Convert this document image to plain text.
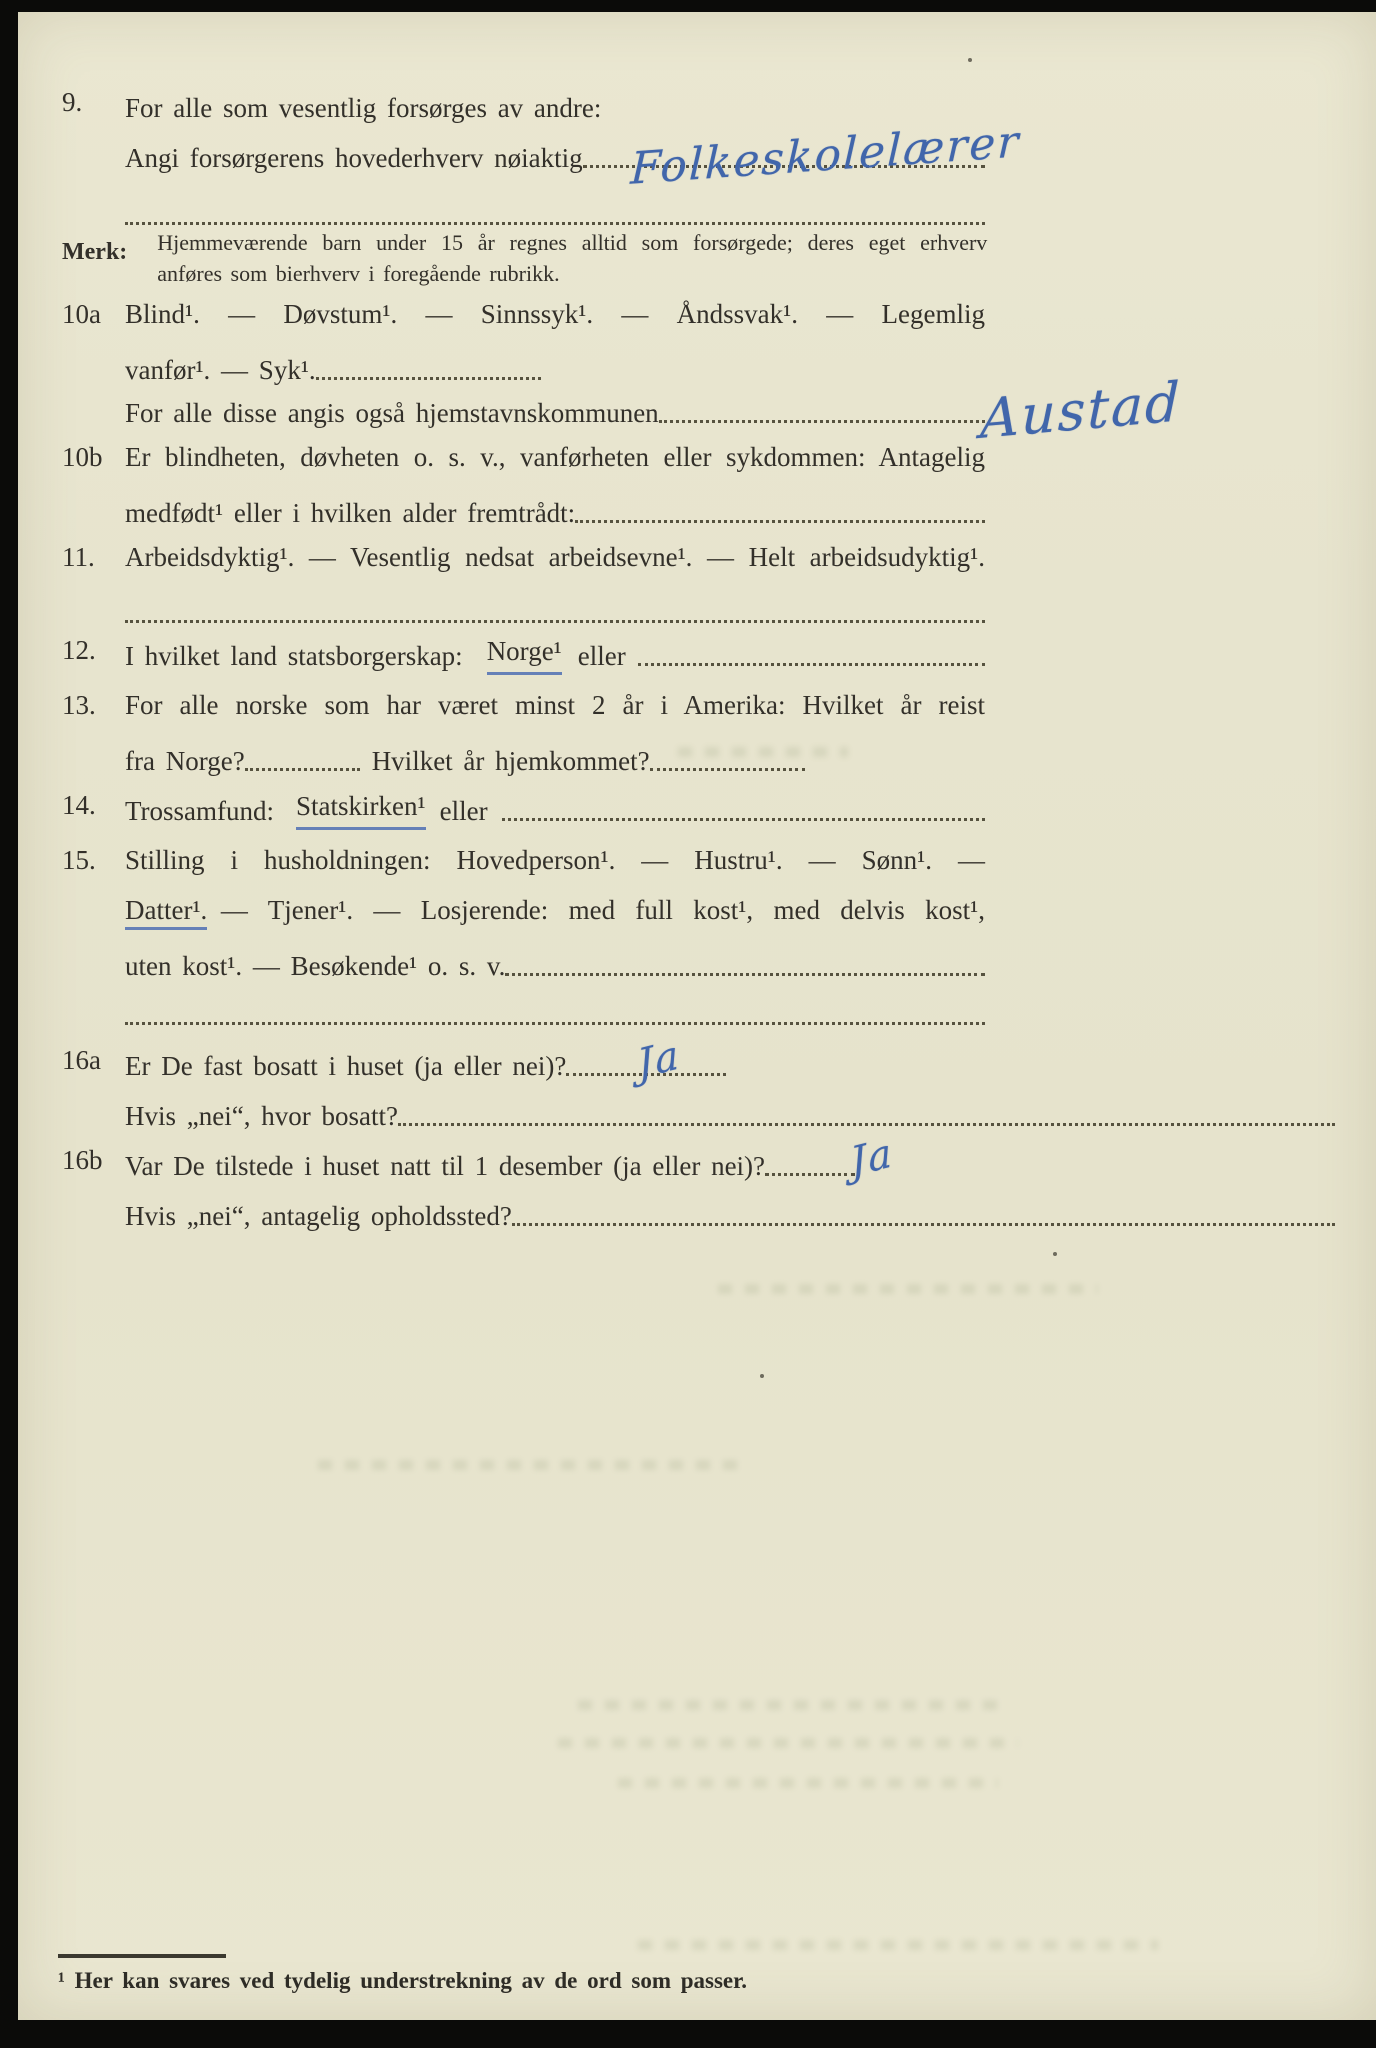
9.	For alle som vesentlig forsørges av andre:
Angi forsørgerens hovederhverv nøiaktig Folkeskolelærer
Merk: Hjemmeværende barn under 15 år regnes alltid som forsørgede; deres eget erhverv
anføres som bierhverv i foregående rubrikk.
10a Blind¹. — Døvstum¹. — Sinnssyk¹. — Åndssvak¹. — Legemlig
vanfør¹. — Syk¹.
For alle disse angis også hjemstavnskommunen	Austad
10b Er blindheten, døvheten o. s. v., vanførheten eller sykdommen: Antagelig
medfødt¹ eller i hvilken alder fremtrådt:
11.	Arbeidsdyktig¹. — Vesentlig nedsat arbeidsevne¹. — Helt arbeidsudyktig¹.
12.	I hvilket land statsborgerskap: Norge¹ eller
13.	For alle norske som har været minst 2 år i Amerika: Hvilket år reist
fra Norge?	Hvilket år hjemkommet?
14.	Trossamfund: Statskirken¹ eller
15.	Stilling i husholdningen: Hovedperson¹. — Hustru¹. — Sønn¹. —
Datter¹. — Tjener¹. — Losjerende: med full kost¹, med delvis kost¹,
uten kost¹. — Besøkende¹ o. s. v.
16a Er De fast bosatt i huset (ja eller nei)? Ja
Hvis „nei“, hvor bosatt?
16b Var De tilstede i huset natt til 1 desember (ja eller nei)? Ja
Hvis „nei“, antagelig opholdssted?
¹ Her kan svares ved tydelig understrekning av de ord som passer.
